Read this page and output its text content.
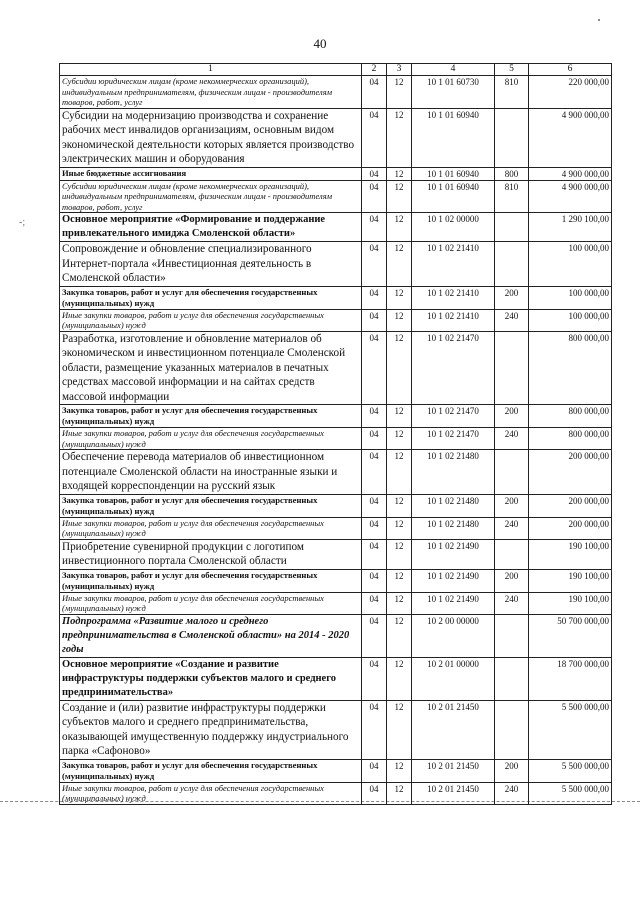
40
-;
1	2	3	4	5	6
Субсидии юридическим лицам (кроме некоммерческих организаций), индивидуальным предпринимателям, физическим лицам - производителям товаров, работ, услуг	04	12	10 1 01 60730	810	220 000,00
Субсидии на модернизацию производства и сохранение рабочих мест инвалидов организациям, основным видом экономической деятельности которых является производство электрических машин и оборудования	04	12	10 1 01 60940		4 900 000,00
Иные бюджетные ассигнования	04	12	10 1 01 60940	800	4 900 000,00
Субсидии юридическим лицам (кроме некоммерческих организаций), индивидуальным предпринимателям, физическим лицам - производителям товаров, работ, услуг	04	12	10 1 01 60940	810	4 900 000,00
Основное мероприятие «Формирование и поддержание привлекательного имиджа Смоленской области»	04	12	10 1 02 00000		1 290 100,00
Сопровождение и обновление специализированного Интернет-портала «Инвестиционная деятельность в Смоленской области»	04	12	10 1 02 21410		100 000,00
Закупка товаров, работ и услуг для обеспечения государственных (муниципальных) нужд	04	12	10 1 02 21410	200	100 000,00
Иные закупки товаров, работ и услуг для обеспечения государственных (муниципальных) нужд	04	12	10 1 02 21410	240	100 000,00
Разработка, изготовление и обновление материалов об экономическом и инвестиционном потенциале Смоленской области, размещение указанных материалов в печатных средствах массовой информации и на сайтах средств массовой информации	04	12	10 1 02 21470		800 000,00
Закупка товаров, работ и услуг для обеспечения государственных (муниципальных) нужд	04	12	10 1 02 21470	200	800 000,00
Иные закупки товаров, работ и услуг для обеспечения государственных (муниципальных) нужд	04	12	10 1 02 21470	240	800 000,00
Обеспечение перевода материалов об инвестиционном потенциале Смоленской области на иностранные языки и входящей корреспонденции на русский язык	04	12	10 1 02 21480		200 000,00
Закупка товаров, работ и услуг для обеспечения государственных (муниципальных) нужд	04	12	10 1 02 21480	200	200 000,00
Иные закупки товаров, работ и услуг для обеспечения государственных (муниципальных) нужд	04	12	10 1 02 21480	240	200 000,00
Приобретение сувенирной продукции с логотипом инвестиционного портала Смоленской области	04	12	10 1 02 21490		190 100,00
Закупка товаров, работ и услуг для обеспечения государственных (муниципальных) нужд	04	12	10 1 02 21490	200	190 100,00
Иные закупки товаров, работ и услуг для обеспечения государственных (муниципальных) нужд	04	12	10 1 02 21490	240	190 100,00
Подпрограмма «Развитие малого и среднего предпринимательства в Смоленской области» на 2014 - 2020 годы	04	12	10 2 00 00000		50 700 000,00
Основное мероприятие «Создание и развитие инфраструктуры поддержки субъектов малого и среднего предпринимательства»	04	12	10 2 01 00000		18 700 000,00
Создание и (или) развитие инфраструктуры поддержки субъектов малого и среднего предпринимательства, оказывающей имущественную поддержку индустриального парка «Сафоново»	04	12	10 2 01 21450		5 500 000,00
Закупка товаров, работ и услуг для обеспечения государственных (муниципальных) нужд	04	12	10 2 01 21450	200	5 500 000,00
Иные закупки товаров, работ и услуг для обеспечения государственных (муниципальных) нужд	04	12	10 2 01 21450	240	5 500 000,00
